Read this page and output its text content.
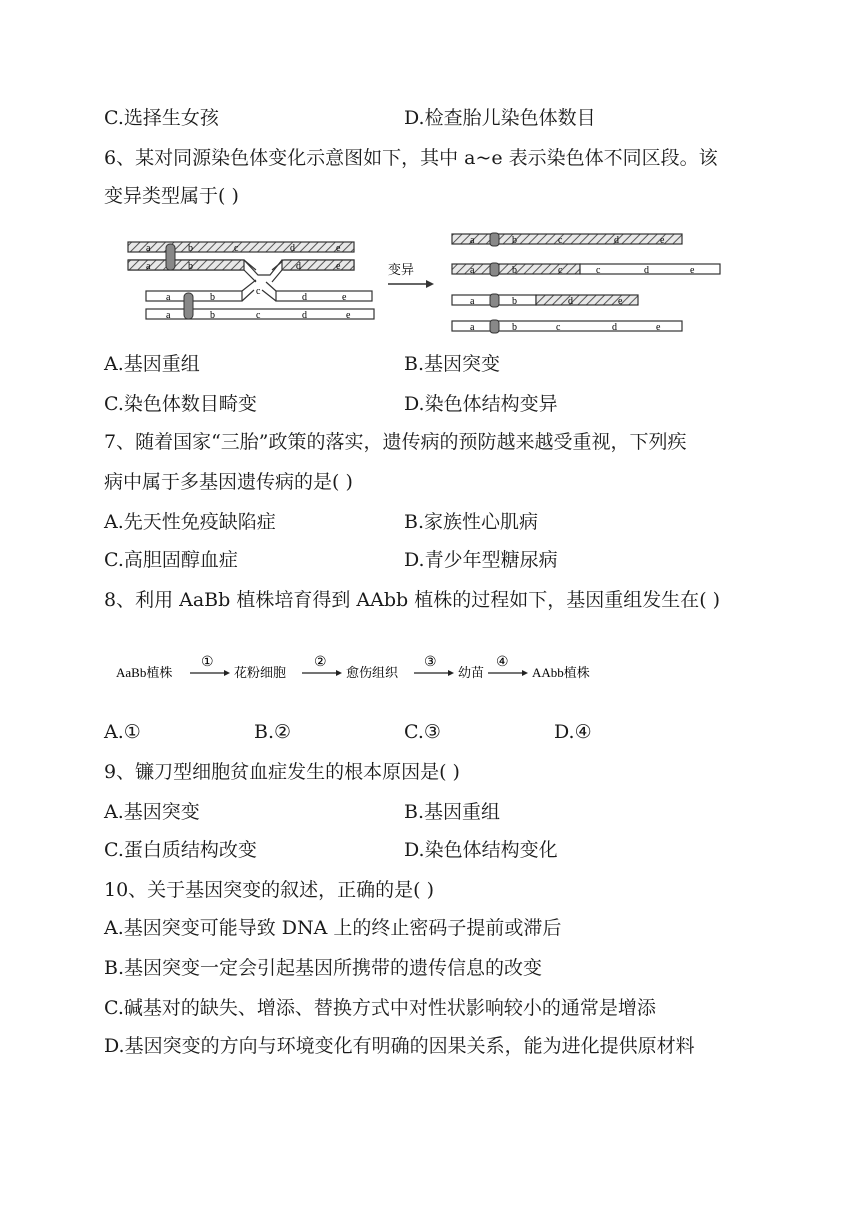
C.选择生女孩	D.检查胎儿染色体数目
6、某对同源染色体变化示意图如下，其中 a~e 表示染色体不同区段。该
变异类型属于( )
a	b	c	d	e
a	b	d	e
a	b
c
d	e
a	b	c	d	e
变异
a	b	c	d	e
a	b	c	c	d	e
a	b	d	e
a	b	c	d	e
A.基因重组	B.基因突变
C.染色体数目畸变	D.染色体结构变异
7、随着国家“三胎”政策的落实，遗传病的预防越来越受重视，下列疾
病中属于多基因遗传病的是( )
A.先天性免疫缺陷症	B.家族性心肌病
C.高胆固醇血症	D.青少年型糖尿病
8、利用 AaBb 植株培育得到 AAbb 植株的过程如下，基因重组发生在( )
AaBb植株
①
花粉细胞
②
愈伤组织
③
幼苗
④
AAbb植株
A.①	B.②	C.③	D.④
9、镰刀型细胞贫血症发生的根本原因是( )
A.基因突变	B.基因重组
C.蛋白质结构改变	D.染色体结构变化
10、关于基因突变的叙述，正确的是( )
A.基因突变可能导致 DNA 上的终止密码子提前或滞后
B.基因突变一定会引起基因所携带的遗传信息的改变
C.碱基对的缺失、增添、替换方式中对性状影响较小的通常是增添
D.基因突变的方向与环境变化有明确的因果关系，能为进化提供原材料
